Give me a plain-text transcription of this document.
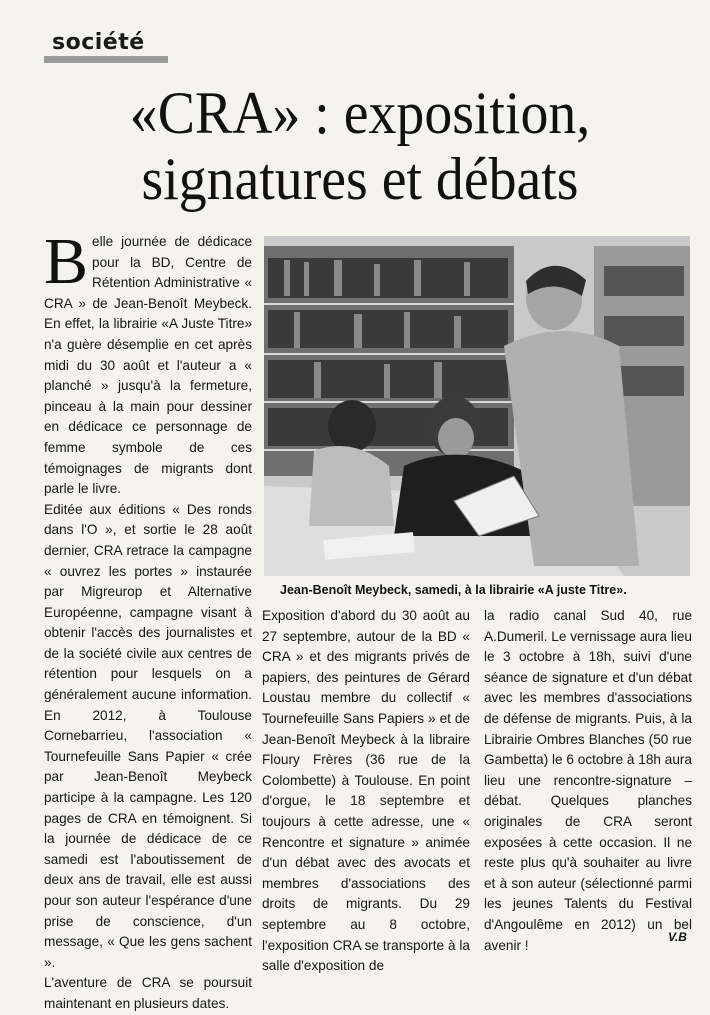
société
«CRA» : exposition,
signatures et débats

Belle journée de dédicace pour la BD, Centre de Rétention Administrative « CRA » de Jean-Benoît Meybeck. En effet, la librairie «A Juste Titre» n'a guère désemplie en cet après midi du 30 août et l'auteur a « planché » jusqu'à la fermeture, pinceau à la main pour dessiner en dédicace ce personnage de femme symbole de ces témoignages de migrants dont parle le livre.

Editée aux éditions « Des ronds dans l'O », et sortie le 28 août dernier, CRA retrace la campagne « ouvrez les portes » instaurée par Migreurop et Alternative Européenne, campagne visant à obtenir l'accès des journalistes et de la société civile aux centres de rétention pour lesquels on a généralement aucune information. En 2012, à Toulouse Cornebarrieu, l'association « Tournefeuille Sans Papier « crée par Jean-Benoît Meybeck participe à la campagne. Les 120 pages de CRA en témoignent. Si la journée de dédicace de ce samedi est l'aboutissement de deux ans de travail, elle est aussi pour son auteur l'espérance d'une prise de conscience, d'un message, « Que les gens sachent ».

L'aventure de CRA se poursuit maintenant en plusieurs dates.

Jean-Benoît Meybeck, samedi, à la librairie «A juste Titre».

Exposition d'abord du 30 août au 27 septembre, autour de la BD « CRA » et des migrants privés de papiers, des peintures de Gérard Loustau membre du collectif « Tournefeuille Sans Papiers » et de Jean-Benoît Meybeck à la libraire Floury Frères (36 rue de la Colombette) à Toulouse. En point d'orgue, le 18 septembre et toujours à cette adresse, une « Rencontre et signature » animée d'un débat avec des avocats et membres d'associations des droits de migrants. Du 29 septembre au 8 octobre, l'exposition CRA se transporte à la salle d'exposition de

la radio canal Sud 40, rue A.Dumeril. Le vernissage aura lieu le 3 octobre à 18h, suivi d'une séance de signature et d'un débat avec les membres d'associations de défense de migrants. Puis, à la Librairie Ombres Blanches (50 rue Gambetta) le 6 octobre à 18h aura lieu une rencontre-signature – débat. Quelques planches originales de CRA seront exposées à cette occasion. Il ne reste plus qu'à souhaiter au livre et à son auteur (sélectionné parmi les jeunes Talents du Festival d'Angoulême en 2012) un bel avenir !

V.B
